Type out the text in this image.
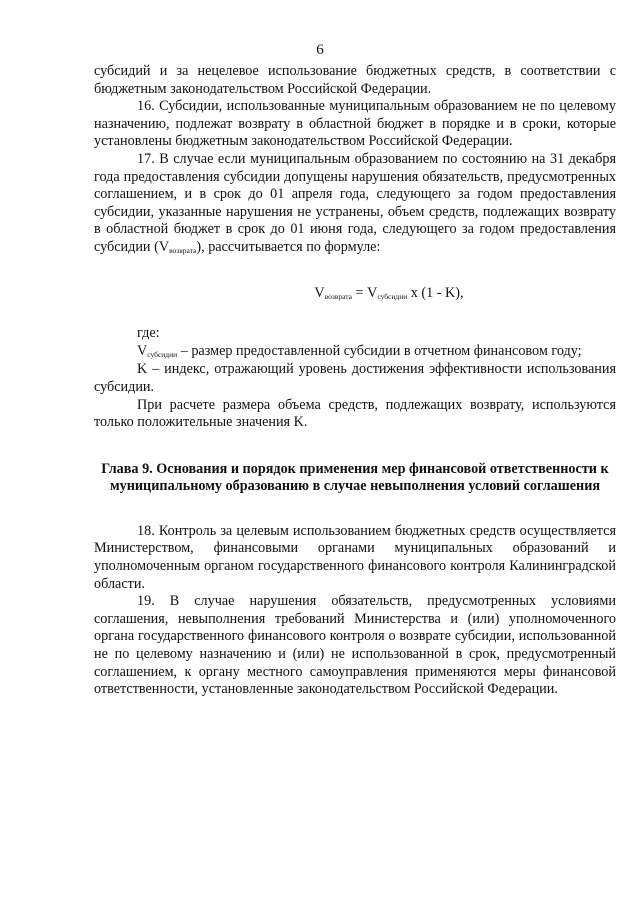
6

субсидий и за нецелевое использование бюджетных средств, в соответствии с бюджетным законодательством Российской Федерации.

16. Субсидии, использованные муниципальным образованием не по целевому назначению, подлежат возврату в областной бюджет в порядке и в сроки, которые установлены бюджетным законодательством Российской Федерации.

17. В случае если муниципальным образованием по состоянию на 31 декабря года предоставления субсидии допущены нарушения обязательств, предусмотренных соглашением, и в срок до 01 апреля года, следующего за годом предоставления субсидии, указанные нарушения не устранены, объем средств, подлежащих возврату в областной бюджет в срок до 01 июня года, следующего за годом предоставления субсидии (Vвозврата), рассчитывается по формуле:

Vвозврата = Vсубсидии x (1 - K),

где:

Vсубсидии – размер предоставленной субсидии в отчетном финансовом году;

K – индекс, отражающий уровень достижения эффективности использования субсидии.

При расчете размера объема средств, подлежащих возврату, используются только положительные значения K.

Глава 9. Основания и порядок применения мер финансовой ответственности к муниципальному образованию в случае невыполнения условий соглашения

18. Контроль за целевым использованием бюджетных средств осуществляется Министерством, финансовыми органами муниципальных образований и уполномоченным органом государственного финансового контроля Калининградской области.

19. В случае нарушения обязательств, предусмотренных условиями соглашения, невыполнения требований Министерства и (или) уполномоченного органа государственного финансового контроля о возврате субсидии, использованной не по целевому назначению и (или) не использованной в срок, предусмотренный соглашением, к органу местного самоуправления применяются меры финансовой ответственности, установленные законодательством Российской Федерации.
